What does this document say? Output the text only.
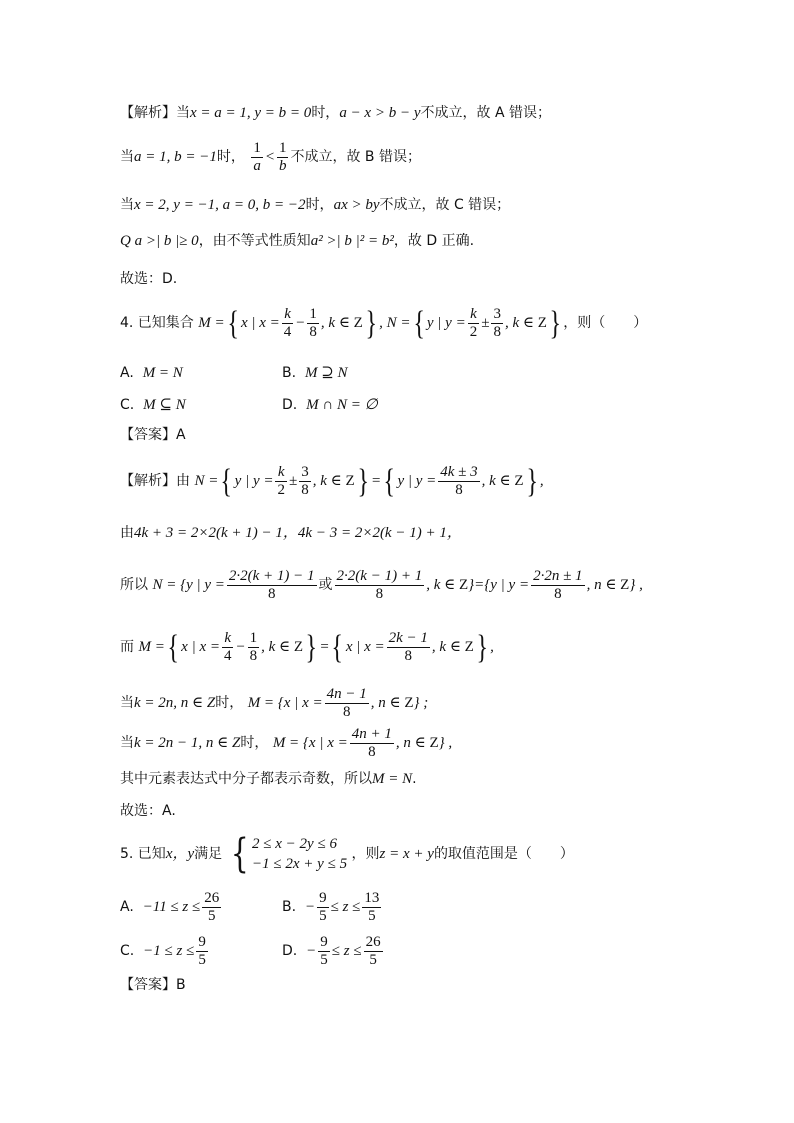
【解析】当x = a = 1, y = b = 0时，a − x > b − y不成立，故 A 错误；
当a = 1, b = −1时， $\frac{1}{a} < \frac{1}{b}$ 不成立，故 B 错误；
当x = 2, y = −1, a = 0, b = −2时，ax > by不成立，故 C 错误；
Q a >| b |≥ 0，由不等式性质知a² >| b |² = b²，故 D 正确.
故选：D.
4. 已知集合 M ={ x | $x = \frac{k}{4} - \frac{1}{8}$ , k ∈ Z} , N ={ y | $y = \frac{k}{2} \pm \frac{3}{8}$ , k ∈ Z} ，则（　　）
A. M = N	B. M ⊇ N
C. M ⊆ N	D. M ∩ N = ∅
【答案】A
【解析】由 N ={ y | $y = \frac{k}{2} \pm \frac{3}{8}$ , k ∈ Z} ={ y | $y = \frac{4k \pm 3}{8}$ , k ∈ Z} ,
由4k + 3 = 2×2(k + 1) − 1，4k − 3 = 2×2(k − 1) + 1，
所以 N = {y | $y = \frac{2\cdot 2(k + 1) - 1}{8}$ 或 $\frac{2\cdot 2(k - 1) + 1}{8}$ , k ∈ Z}={y | $y = \frac{2\cdot 2n \pm 1}{8}$ , n ∈ Z} ,
而 M ={ x | $x = \frac{k}{4} - \frac{1}{8}$ , k ∈ Z} ={ x | $x = \frac{2k - 1}{8}$ , k ∈ Z} ,
当k = 2n, n ∈ Z时， M = {x | $x = \frac{4n - 1}{8}$ , n ∈ Z} ;
当k = 2n − 1, n ∈ Z时， M = {x | $x = \frac{4n + 1}{8}$ , n ∈ Z} ,
其中元素表达式中分子都表示奇数，所以M = N.
故选：A.
5. 已知x，y满足 { 2 ≤ x − 2y ≤ 6
−1 ≤ 2x + y ≤ 5
，则z = x + y的取值范围是（　　）
A. $-11 \le z \le \frac{26}{5}$	B. − $\frac{9}{5} \le z \le \frac{13}{5}$
C. $-1 \le z \le \frac{9}{5}$	D. − $\frac{9}{5} \le z \le \frac{26}{5}$
【答案】B
